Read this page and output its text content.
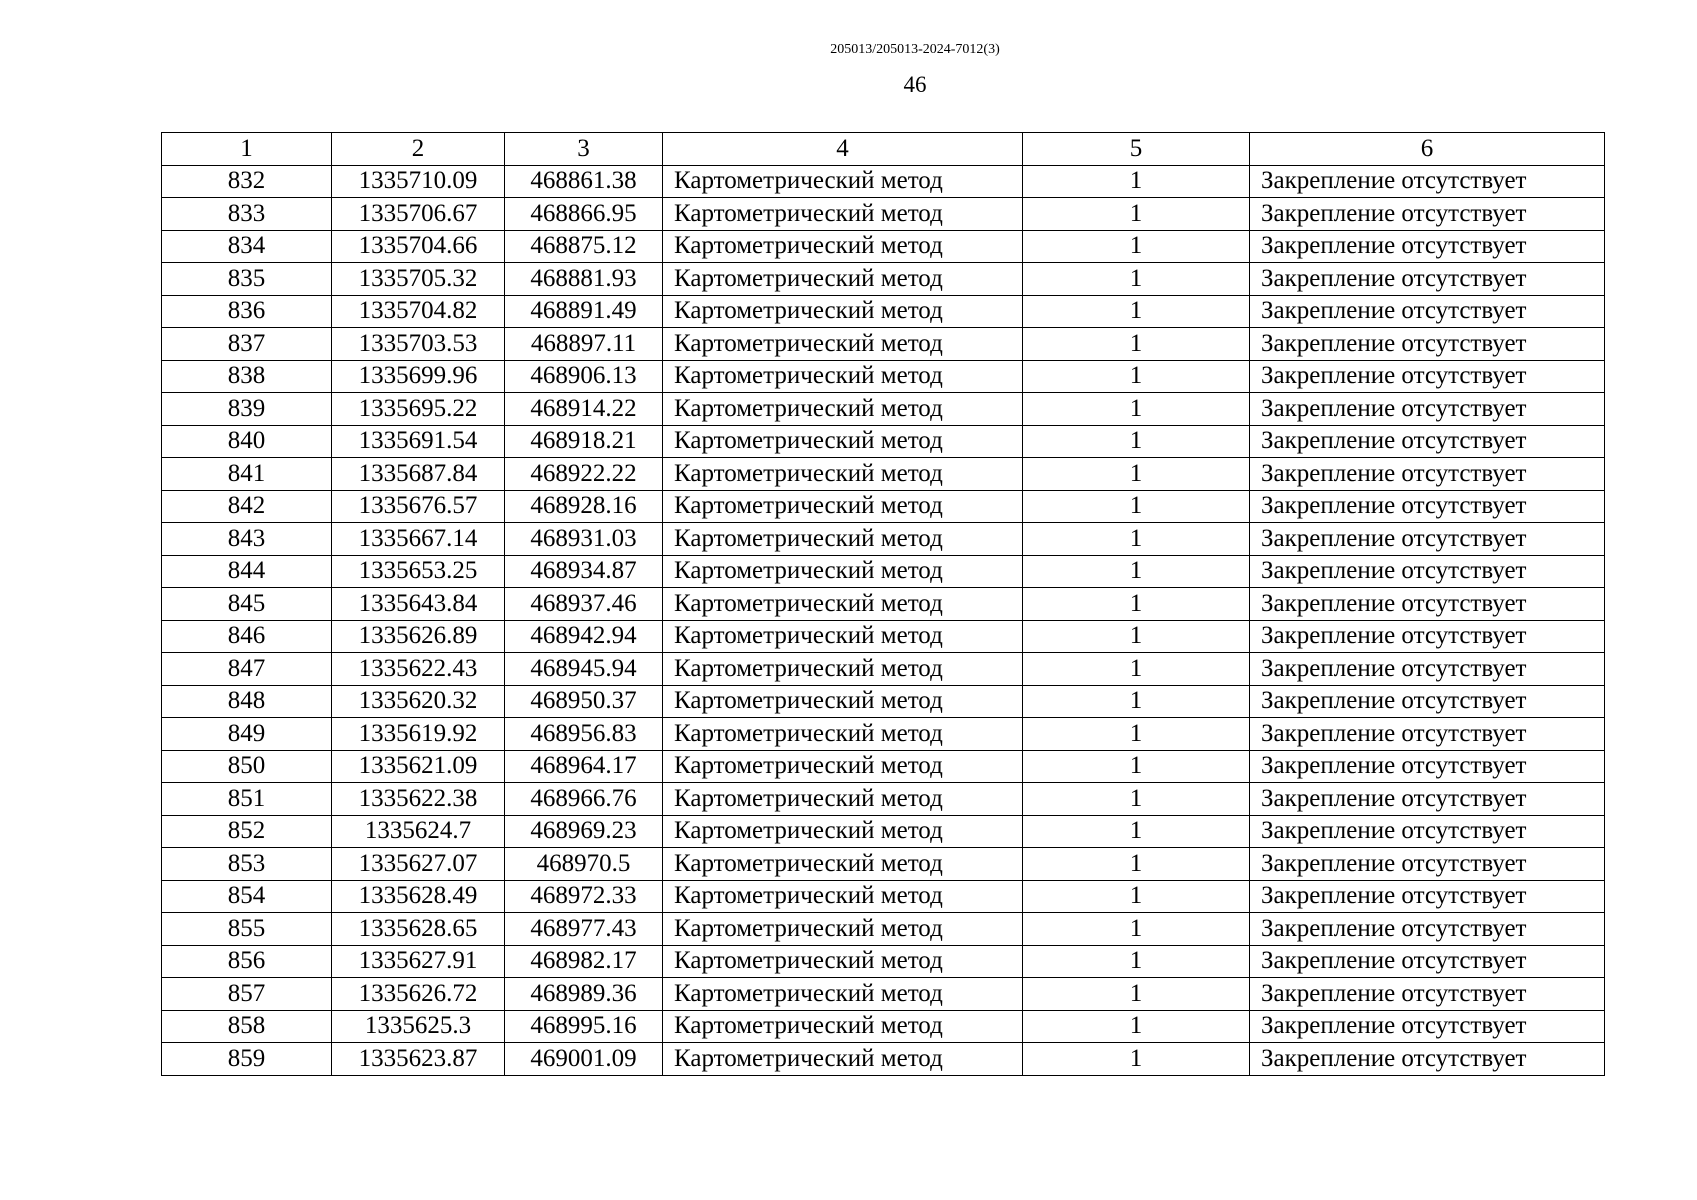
205013/205013-2024-7012(3)
46
1	2	3	4	5	6
832	1335710.09	468861.38	Картометрический метод	1	Закрепление отсутствует
833	1335706.67	468866.95	Картометрический метод	1	Закрепление отсутствует
834	1335704.66	468875.12	Картометрический метод	1	Закрепление отсутствует
835	1335705.32	468881.93	Картометрический метод	1	Закрепление отсутствует
836	1335704.82	468891.49	Картометрический метод	1	Закрепление отсутствует
837	1335703.53	468897.11	Картометрический метод	1	Закрепление отсутствует
838	1335699.96	468906.13	Картометрический метод	1	Закрепление отсутствует
839	1335695.22	468914.22	Картометрический метод	1	Закрепление отсутствует
840	1335691.54	468918.21	Картометрический метод	1	Закрепление отсутствует
841	1335687.84	468922.22	Картометрический метод	1	Закрепление отсутствует
842	1335676.57	468928.16	Картометрический метод	1	Закрепление отсутствует
843	1335667.14	468931.03	Картометрический метод	1	Закрепление отсутствует
844	1335653.25	468934.87	Картометрический метод	1	Закрепление отсутствует
845	1335643.84	468937.46	Картометрический метод	1	Закрепление отсутствует
846	1335626.89	468942.94	Картометрический метод	1	Закрепление отсутствует
847	1335622.43	468945.94	Картометрический метод	1	Закрепление отсутствует
848	1335620.32	468950.37	Картометрический метод	1	Закрепление отсутствует
849	1335619.92	468956.83	Картометрический метод	1	Закрепление отсутствует
850	1335621.09	468964.17	Картометрический метод	1	Закрепление отсутствует
851	1335622.38	468966.76	Картометрический метод	1	Закрепление отсутствует
852	1335624.7	468969.23	Картометрический метод	1	Закрепление отсутствует
853	1335627.07	468970.5	Картометрический метод	1	Закрепление отсутствует
854	1335628.49	468972.33	Картометрический метод	1	Закрепление отсутствует
855	1335628.65	468977.43	Картометрический метод	1	Закрепление отсутствует
856	1335627.91	468982.17	Картометрический метод	1	Закрепление отсутствует
857	1335626.72	468989.36	Картометрический метод	1	Закрепление отсутствует
858	1335625.3	468995.16	Картометрический метод	1	Закрепление отсутствует
859	1335623.87	469001.09	Картометрический метод	1	Закрепление отсутствует
